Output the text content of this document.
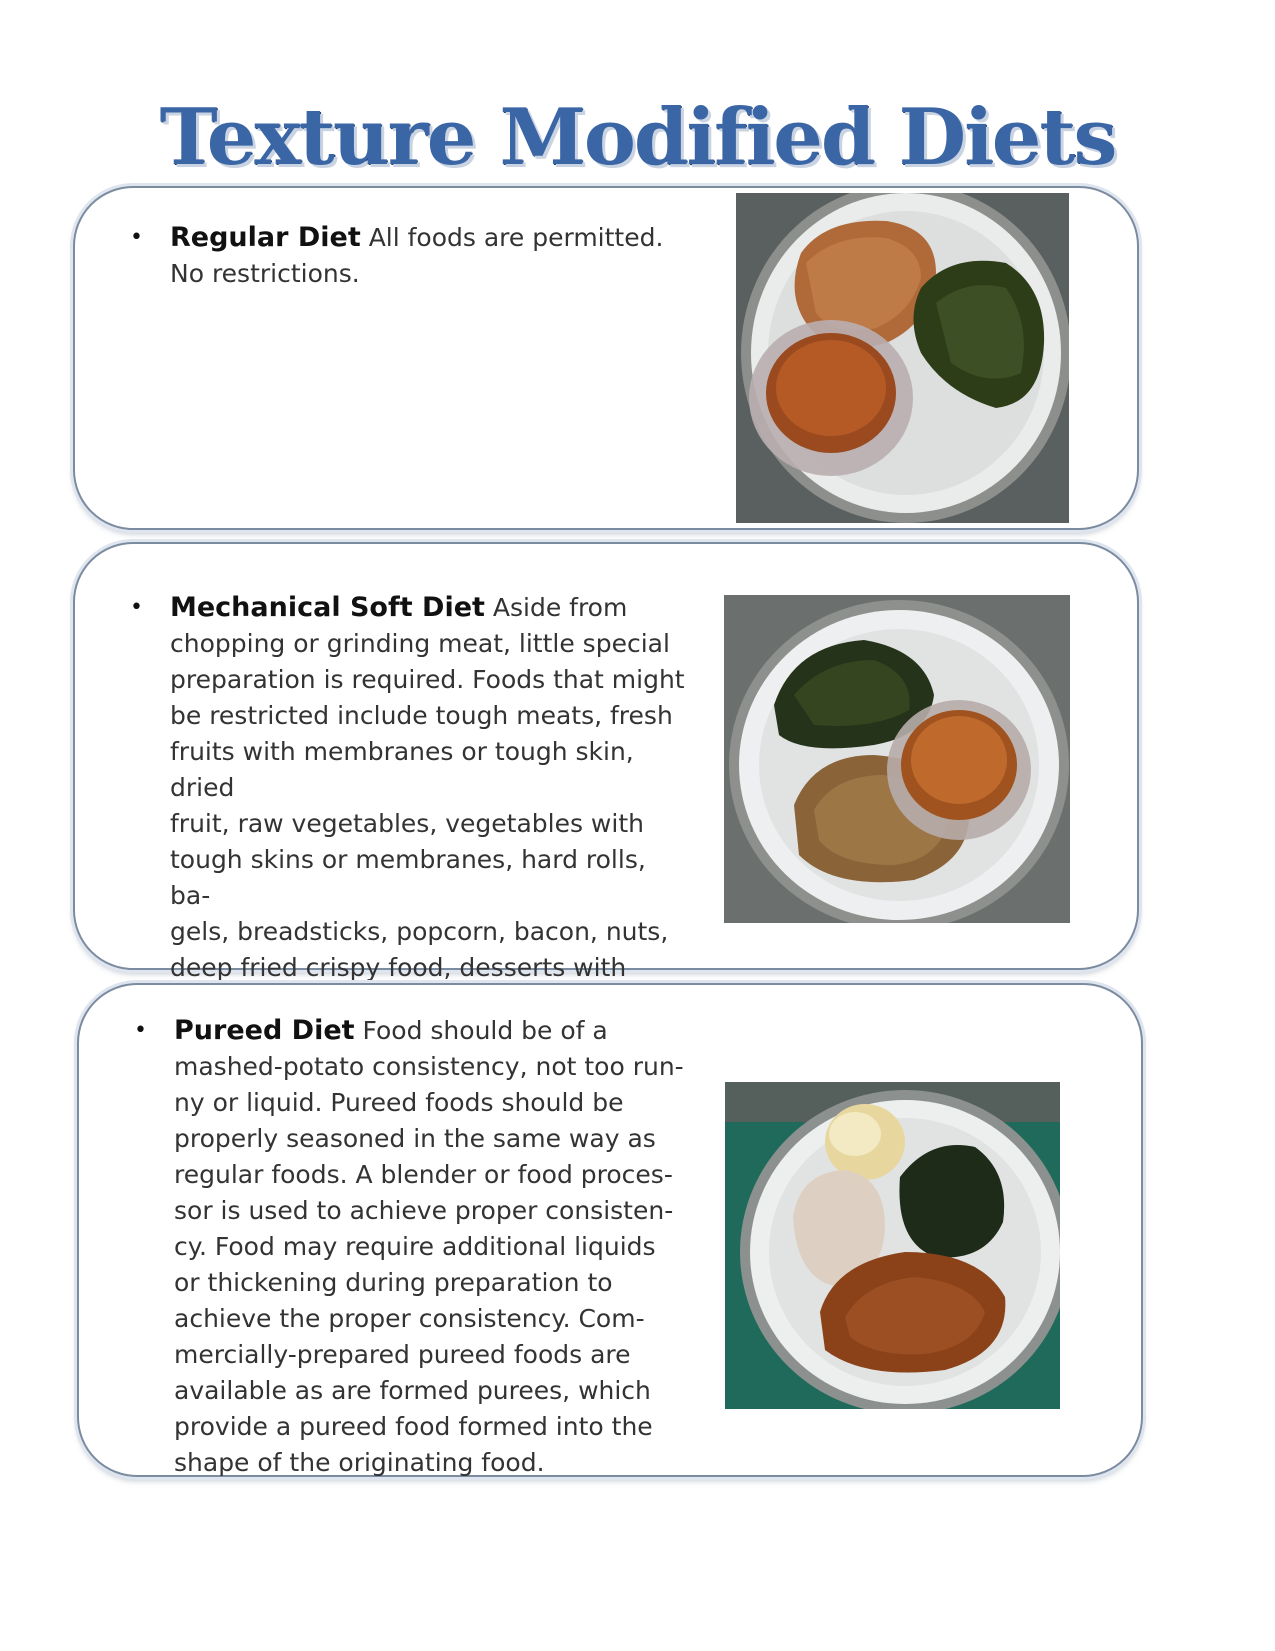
Texture Modified Diets
• Regular Diet All foods are permitted.
No restrictions.
• Mechanical Soft Diet Aside from
chopping or grinding meat, little special
preparation is required. Foods that might
be restricted include tough meats, fresh
fruits with membranes or tough skin, dried
fruit, raw vegetables, vegetables with
tough skins or membranes, hard rolls, ba-
gels, breadsticks, popcorn, bacon, nuts,
deep fried crispy food, desserts with
• Pureed Diet Food should be of a
mashed-potato consistency, not too run-
ny or liquid. Pureed foods should be
properly seasoned in the same way as
regular foods. A blender or food proces-
sor is used to achieve proper consisten-
cy. Food may require additional liquids
or thickening during preparation to
achieve the proper consistency. Com-
mercially-prepared pureed foods are
available as are formed purees, which
provide a pureed food formed into the
shape of the originating food.
